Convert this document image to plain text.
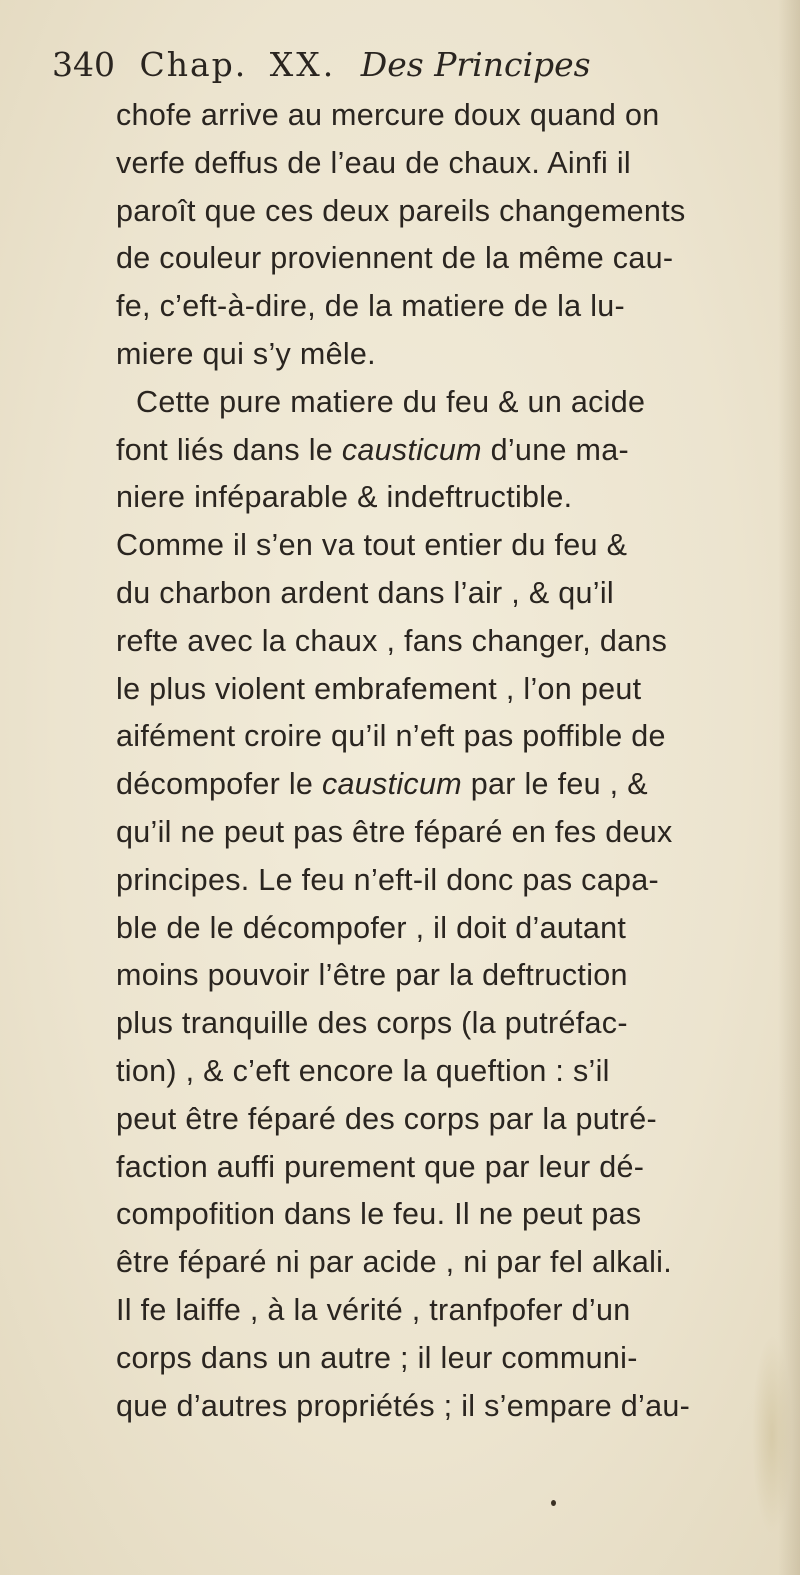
340 Chap. XX. Des Principes
chofe arrive au mercure doux quand on
verfe deffus de l’eau de chaux. Ainfi il
paroît que ces deux pareils changements
de couleur proviennent de la même cau-
fe, c’eft-à-dire, de la matiere de la lu-
miere qui s’y mêle.
Cette pure matiere du feu & un acide
font liés dans le causticum d’une ma-
niere inféparable & indeftructible.
Comme il s’en va tout entier du feu &
du charbon ardent dans l’air , & qu’il
refte avec la chaux , fans changer, dans
le plus violent embrafement , l’on peut
aifément croire qu’il n’eft pas poffible de
décompofer le causticum par le feu , &
qu’il ne peut pas être féparé en fes deux
principes. Le feu n’eft-il donc pas capa-
ble de le décompofer , il doit d’autant
moins pouvoir l’être par la deftruction
plus tranquille des corps (la putréfac-
tion) , & c’eft encore la queftion : s’il
peut être féparé des corps par la putré-
faction auffi purement que par leur dé-
compofition dans le feu. Il ne peut pas
être féparé ni par acide , ni par fel alkali.
Il fe laiffe , à la vérité , tranfpofer d’un
corps dans un autre ; il leur communi-
que d’autres propriétés ; il s’empare d’au-
